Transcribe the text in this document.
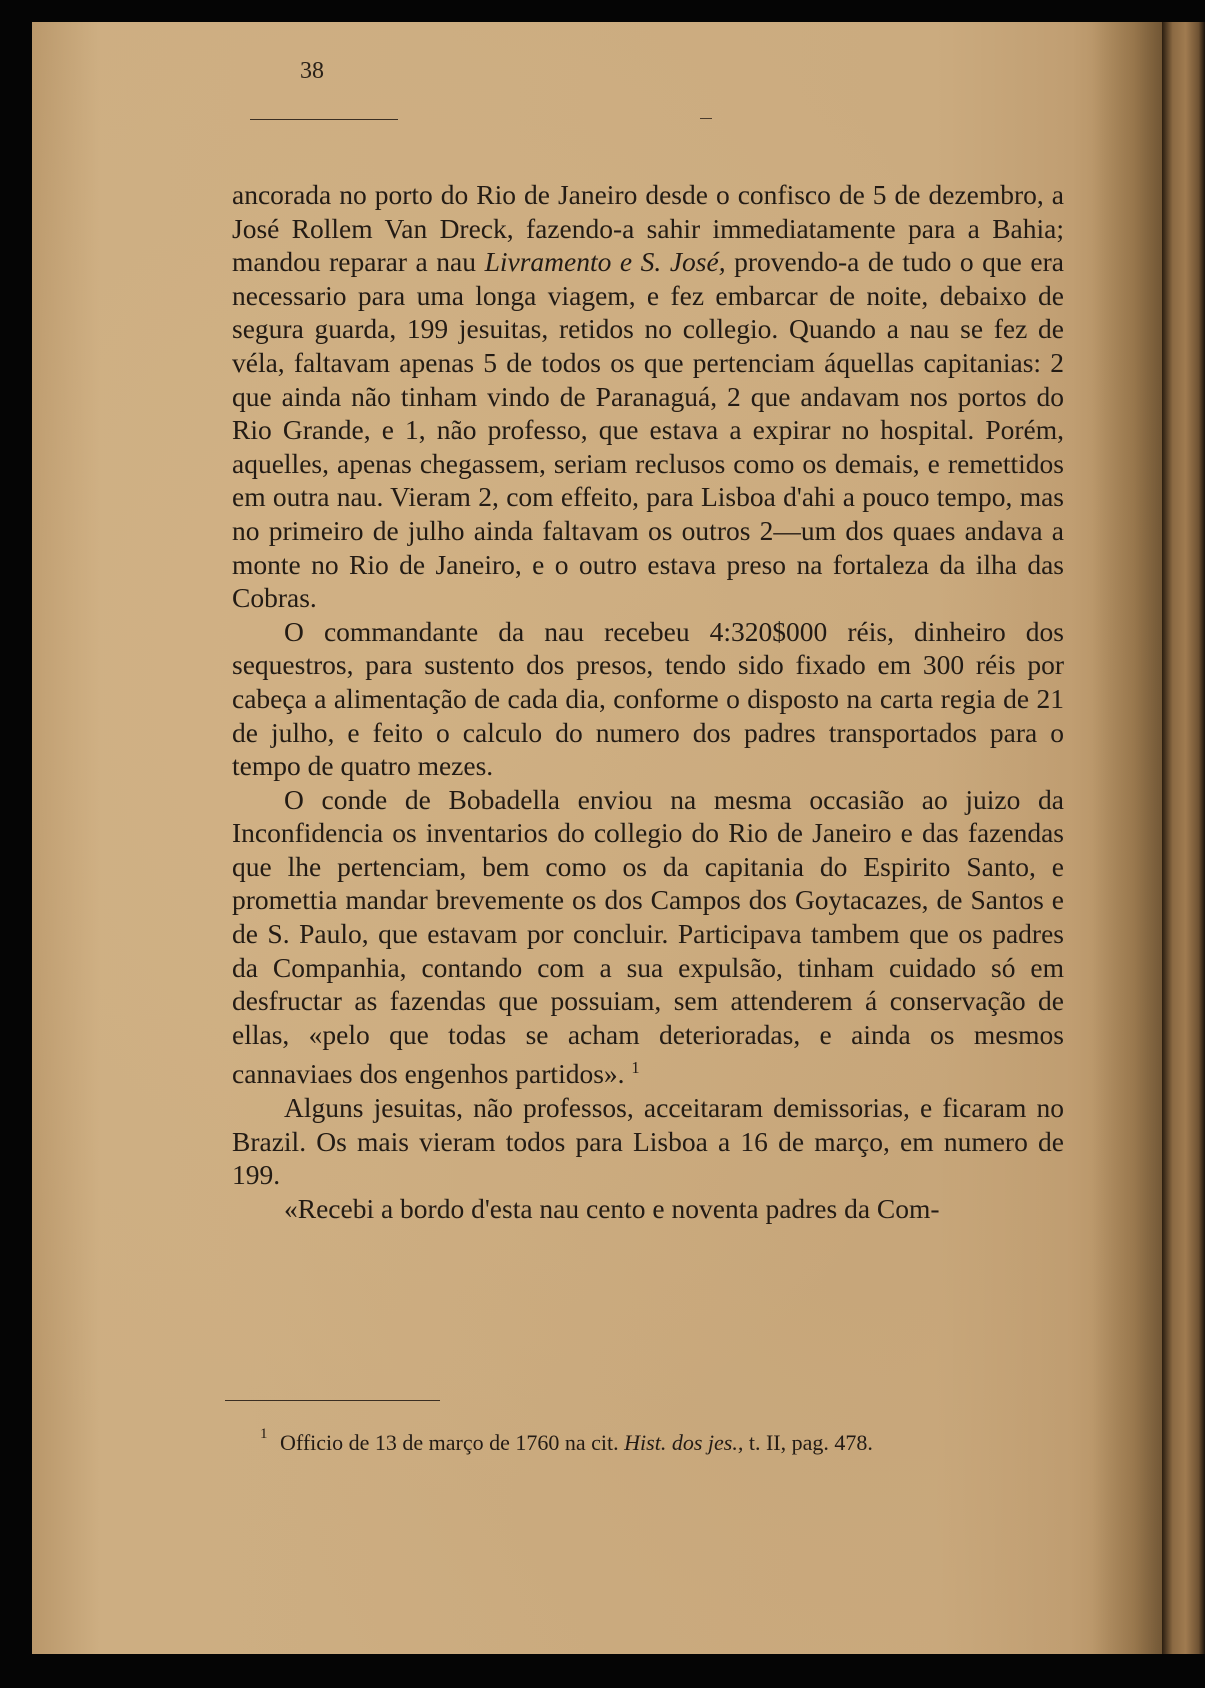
38

ancorada no porto do Rio de Janeiro desde o confisco de 5 de dezembro, a José Rollem Van Dreck, fazendo-a sahir immediatamente para a Bahia; mandou reparar a nau Livramento e S. José, provendo-a de tudo o que era necessario para uma longa viagem, e fez embarcar de noite, debaixo de segura guarda, 199 jesuitas, retidos no collegio. Quando a nau se fez de véla, faltavam apenas 5 de todos os que pertenciam áquellas capitanias: 2 que ainda não tinham vindo de Paranaguá, 2 que andavam nos portos do Rio Grande, e 1, não professo, que estava a expirar no hospital. Porém, aquelles, apenas chegassem, seriam reclusos como os demais, e remettidos em outra nau. Vieram 2, com effeito, para Lisboa d'ahi a pouco tempo, mas no primeiro de julho ainda faltavam os outros 2—um dos quaes andava a monte no Rio de Janeiro, e o outro estava preso na fortaleza da ilha das Cobras.

O commandante da nau recebeu 4:320$000 réis, dinheiro dos sequestros, para sustento dos presos, tendo sido fixado em 300 réis por cabeça a alimentação de cada dia, conforme o disposto na carta regia de 21 de julho, e feito o calculo do numero dos padres transportados para o tempo de quatro mezes.

O conde de Bobadella enviou na mesma occasião ao juizo da Inconfidencia os inventarios do collegio do Rio de Janeiro e das fazendas que lhe pertenciam, bem como os da capitania do Espirito Santo, e promettia mandar brevemente os dos Campos dos Goytacazes, de Santos e de S. Paulo, que estavam por concluir. Participava tambem que os padres da Companhia, contando com a sua expulsão, tinham cuidado só em desfructar as fazendas que possuiam, sem attenderem á conservação de ellas, «pelo que todas se acham deterioradas, e ainda os mesmos cannaviaes dos engenhos partidos». $^1$

Alguns jesuitas, não professos, acceitaram demissorias, e ficaram no Brazil. Os mais vieram todos para Lisboa a 16 de março, em numero de 199.

«Recebi a bordo d'esta nau cento e noventa padres da Com-

1 Officio de 13 de março de 1760 na cit. Hist. dos jes., t. II, pag. 478.
